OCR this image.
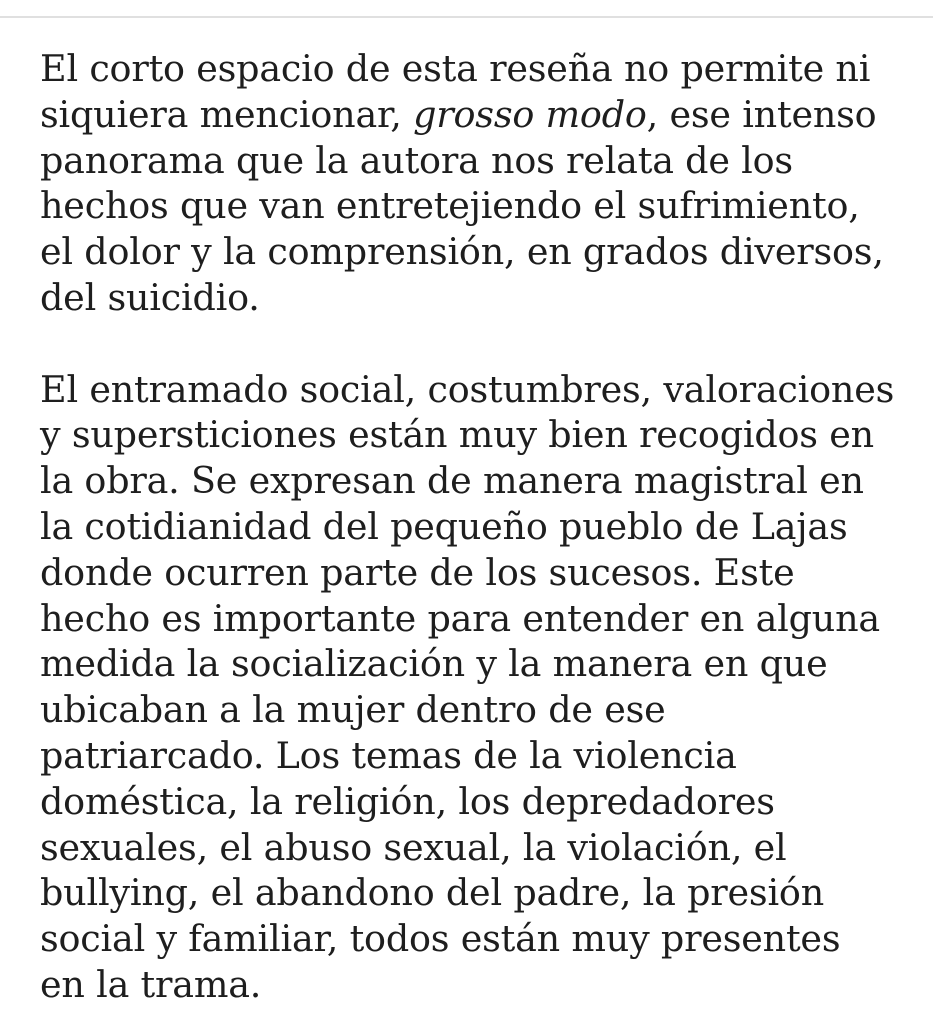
El corto espacio de esta reseña no permite ni
siquiera mencionar, grosso modo, ese intenso
panorama que la autora nos relata de los
hechos que van entretejiendo el sufrimiento,
el dolor y la comprensión, en grados diversos,
del suicidio.

El entramado social, costumbres, valoraciones
y supersticiones están muy bien recogidos en
la obra. Se expresan de manera magistral en
la cotidianidad del pequeño pueblo de Lajas
donde ocurren parte de los sucesos. Este
hecho es importante para entender en alguna
medida la socialización y la manera en que
ubicaban a la mujer dentro de ese
patriarcado. Los temas de la violencia
doméstica, la religión, los depredadores
sexuales, el abuso sexual, la violación, el
bullying, el abandono del padre, la presión
social y familiar, todos están muy presentes
en la trama.
